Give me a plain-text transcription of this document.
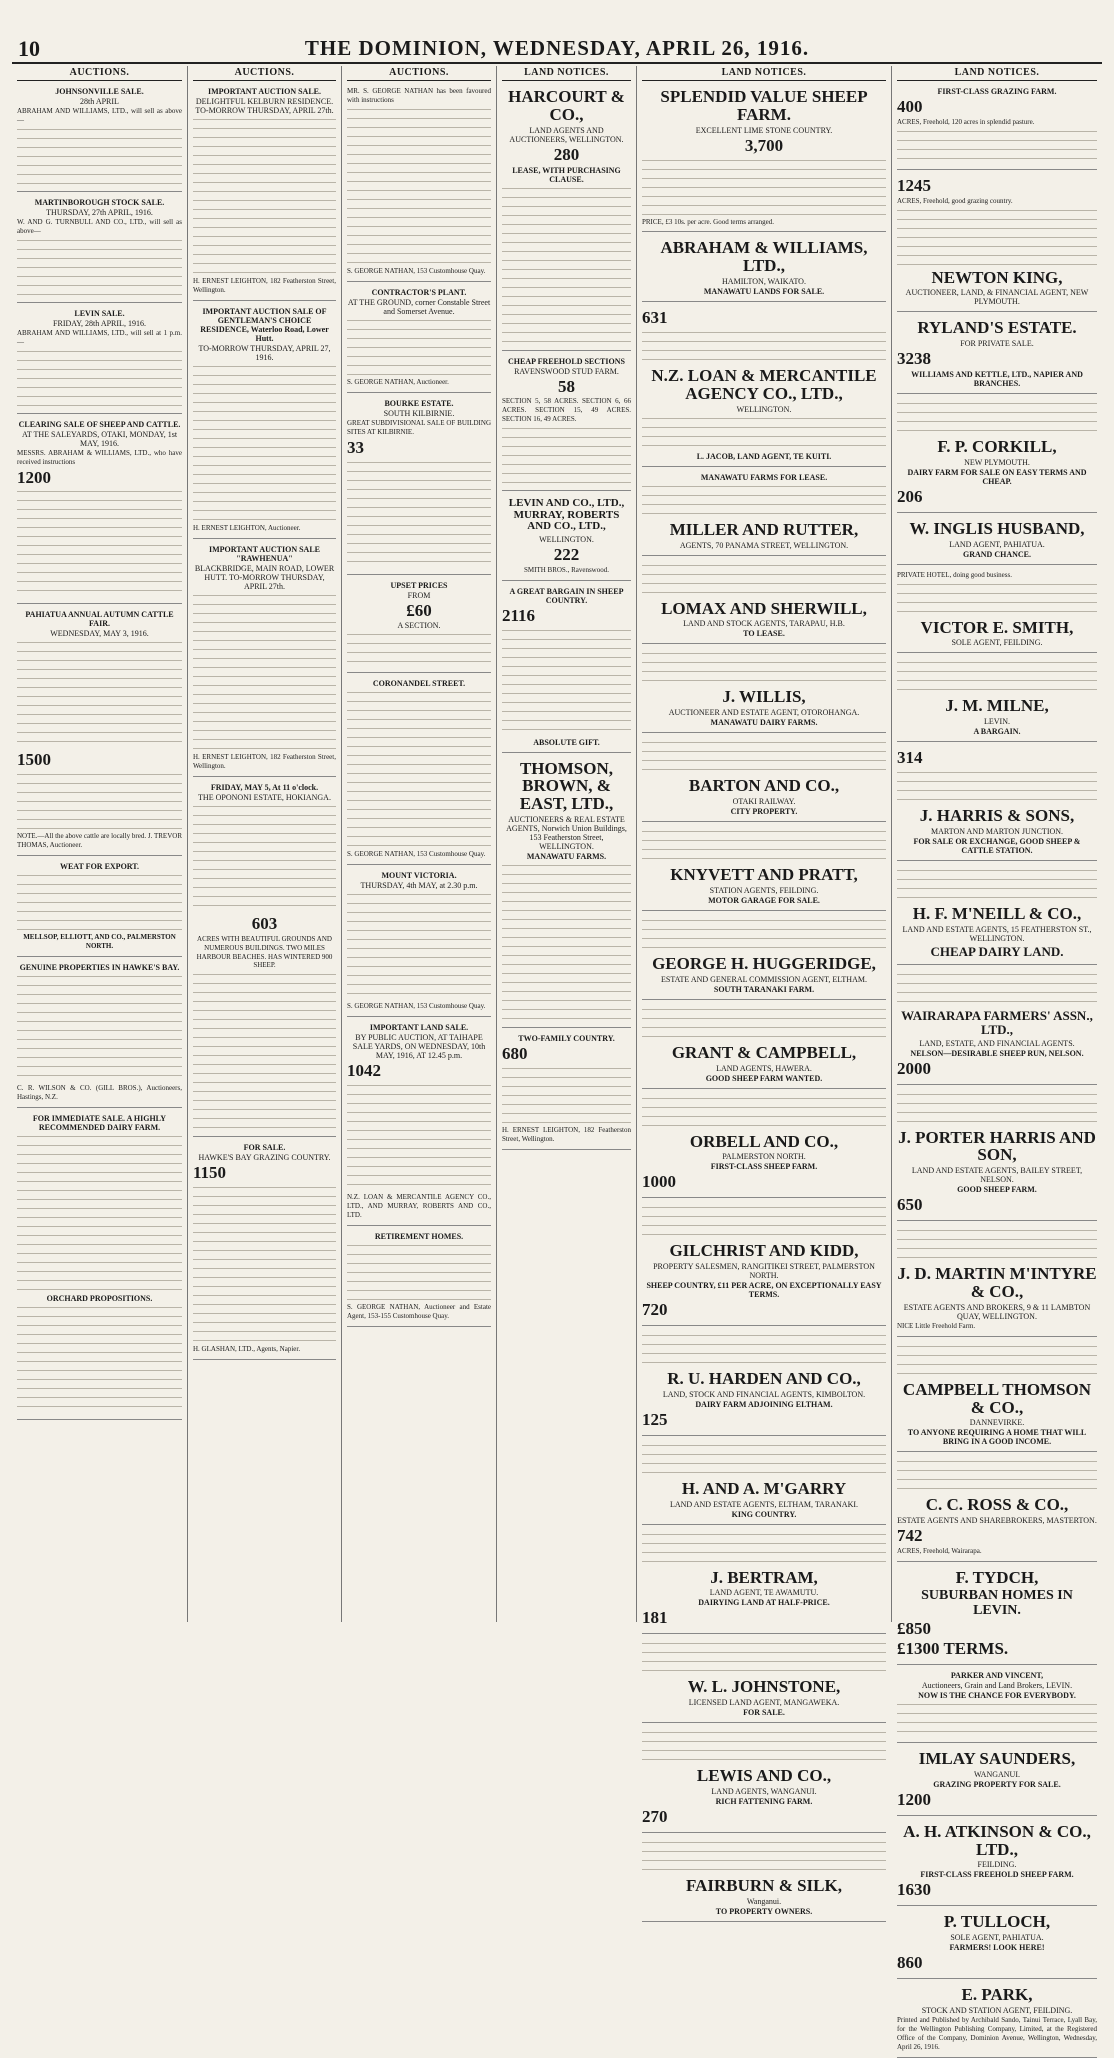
10	THE DOMINION, WEDNESDAY, APRIL 26, 1916.
AUCTIONS.
JOHNSONVILLE SALE.
28th APRIL
ABRAHAM AND WILLIAMS, LTD., will sell as above—
MARTINBOROUGH STOCK SALE.
THURSDAY, 27th APRIL, 1916.
W. AND G. TURNBULL AND CO., LTD., will sell as above—
LEVIN SALE.
FRIDAY, 28th APRIL, 1916.
ABRAHAM AND WILLIAMS, LTD., will sell at 1 p.m.—
CLEARING SALE OF SHEEP AND CATTLE.
AT THE SALEYARDS, OTAKI, MONDAY, 1st MAY, 1916.
MESSRS. ABRAHAM & WILLIAMS, LTD., who have received instructions
1200
PAHIATUA ANNUAL AUTUMN CATTLE FAIR.
WEDNESDAY, MAY 3, 1916.
1500
NOTE.—All the above cattle are locally bred. J. TREVOR THOMAS, Auctioneer.
WEAT FOR EXPORT.
MELLSOP, ELLIOTT, AND CO., PALMERSTON NORTH.
GENUINE PROPERTIES IN HAWKE'S BAY.
C. R. WILSON & CO. (GILL BROS.), Auctioneers, Hastings, N.Z.
FOR IMMEDIATE SALE. A HIGHLY RECOMMENDED DAIRY FARM.
ORCHARD PROPOSITIONS.
AUCTIONS.
IMPORTANT AUCTION SALE.
DELIGHTFUL KELBURN RESIDENCE. TO-MORROW THURSDAY, APRIL 27th.
H. ERNEST LEIGHTON, 182 Featherston Street, Wellington.
IMPORTANT AUCTION SALE OF GENTLEMAN'S CHOICE RESIDENCE, Waterloo Road, Lower Hutt.
TO-MORROW THURSDAY, APRIL 27, 1916.
H. ERNEST LEIGHTON, Auctioneer.
IMPORTANT AUCTION SALE "RAWHENUA"
BLACKBRIDGE, MAIN ROAD, LOWER HUTT. TO-MORROW THURSDAY, APRIL 27th.
H. ERNEST LEIGHTON, 182 Featherston Street, Wellington.
FRIDAY, MAY 5, At 11 o'clock.
THE OPONONI ESTATE, HOKIANGA.
603
ACRES WITH BEAUTIFUL GROUNDS AND NUMEROUS BUILDINGS. TWO MILES HARBOUR BEACHES. HAS WINTERED 900 SHEEP.
FOR SALE.
HAWKE'S BAY GRAZING COUNTRY.
1150
H. GLASHAN, LTD., Agents, Napier.
AUCTIONS.
MR. S. GEORGE NATHAN has been favoured with instructions
S. GEORGE NATHAN, 153 Customhouse Quay.
CONTRACTOR'S PLANT.
AT THE GROUND, corner Constable Street and Somerset Avenue.
S. GEORGE NATHAN, Auctioneer.
BOURKE ESTATE.
SOUTH KILBIRNIE.
GREAT SUBDIVISIONAL SALE OF BUILDING SITES AT KILBIRNIE.
33
UPSET PRICES
FROM
£60
A SECTION.
CORONANDEL STREET.
S. GEORGE NATHAN, 153 Customhouse Quay.
MOUNT VICTORIA.
THURSDAY, 4th MAY, at 2.30 p.m.
S. GEORGE NATHAN, 153 Customhouse Quay.
IMPORTANT LAND SALE.
BY PUBLIC AUCTION, AT TAIHAPE SALE YARDS, ON WEDNESDAY, 10th MAY, 1916, AT 12.45 p.m.
1042
N.Z. LOAN & MERCANTILE AGENCY CO., LTD., AND MURRAY, ROBERTS AND CO., LTD.
RETIREMENT HOMES.
S. GEORGE NATHAN, Auctioneer and Estate Agent, 153-155 Customhouse Quay.
LAND NOTICES.
HARCOURT & CO.,
LAND AGENTS AND AUCTIONEERS, WELLINGTON.
280
LEASE, WITH PURCHASING CLAUSE.
CHEAP FREEHOLD SECTIONS
RAVENSWOOD STUD FARM.
58
SECTION 5, 58 ACRES. SECTION 6, 66 ACRES. SECTION 15, 49 ACRES. SECTION 16, 49 ACRES.
LEVIN AND CO., LTD., MURRAY, ROBERTS AND CO., LTD.,
WELLINGTON.
222
SMITH BROS., Ravenswood.
A GREAT BARGAIN IN SHEEP COUNTRY.
2116
ABSOLUTE GIFT.
THOMSON, BROWN, & EAST, LTD.,
AUCTIONEERS & REAL ESTATE AGENTS, Norwich Union Buildings, 153 Featherston Street, WELLINGTON.
MANAWATU FARMS.
TWO-FAMILY COUNTRY.
680
H. ERNEST LEIGHTON, 182 Featherston Street, Wellington.
LAND NOTICES.
SPLENDID VALUE SHEEP FARM.
EXCELLENT LIME STONE COUNTRY.
3,700
PRICE, £3 10s. per acre. Good terms arranged.
ABRAHAM & WILLIAMS, LTD.,
HAMILTON, WAIKATO.
MANAWATU LANDS FOR SALE.
631
N.Z. LOAN & MERCANTILE AGENCY CO., LTD.,
WELLINGTON.
L. JACOB, LAND AGENT, TE KUITI.
MANAWATU FARMS FOR LEASE.
MILLER AND RUTTER,
AGENTS, 70 PANAMA STREET, WELLINGTON.
LOMAX AND SHERWILL,
LAND AND STOCK AGENTS, TARAPAU, H.B.
TO LEASE.
J. WILLIS,
AUCTIONEER AND ESTATE AGENT, OTOROHANGA.
MANAWATU DAIRY FARMS.
BARTON AND CO.,
OTAKI RAILWAY.
CITY PROPERTY.
KNYVETT AND PRATT,
STATION AGENTS, FEILDING.
MOTOR GARAGE FOR SALE.
GEORGE H. HUGGERIDGE,
ESTATE AND GENERAL COMMISSION AGENT, ELTHAM.
SOUTH TARANAKI FARM.
GRANT & CAMPBELL,
LAND AGENTS, HAWERA.
GOOD SHEEP FARM WANTED.
ORBELL AND CO.,
PALMERSTON NORTH.
FIRST-CLASS SHEEP FARM.
1000
GILCHRIST AND KIDD,
PROPERTY SALESMEN, RANGITIKEI STREET, PALMERSTON NORTH.
SHEEP COUNTRY, £11 PER ACRE, ON EXCEPTIONALLY EASY TERMS.
720
R. U. HARDEN AND CO.,
LAND, STOCK AND FINANCIAL AGENTS, KIMBOLTON.
DAIRY FARM ADJOINING ELTHAM.
125
H. AND A. M'GARRY
LAND AND ESTATE AGENTS, ELTHAM, TARANAKI.
KING COUNTRY.
J. BERTRAM,
LAND AGENT, TE AWAMUTU.
DAIRYING LAND AT HALF-PRICE.
181
W. L. JOHNSTONE,
LICENSED LAND AGENT, MANGAWEKA.
FOR SALE.
LEWIS AND CO.,
LAND AGENTS, WANGANUI.
RICH FATTENING FARM.
270
FAIRBURN & SILK,
Wanganui.
TO PROPERTY OWNERS.
LAND NOTICES.
FIRST-CLASS GRAZING FARM.
400
ACRES, Freehold, 120 acres in splendid pasture.
1245
ACRES, Freehold, good grazing country.
NEWTON KING,
AUCTIONEER, LAND, & FINANCIAL AGENT, NEW PLYMOUTH.
RYLAND'S ESTATE.
FOR PRIVATE SALE.
3238
WILLIAMS AND KETTLE, LTD., NAPIER AND BRANCHES.
F. P. CORKILL,
NEW PLYMOUTH.
DAIRY FARM FOR SALE ON EASY TERMS AND CHEAP.
206
W. INGLIS HUSBAND,
LAND AGENT, PAHIATUA.
GRAND CHANCE.
PRIVATE HOTEL, doing good business.
VICTOR E. SMITH,
SOLE AGENT, FEILDING.
J. M. MILNE,
LEVIN.
A BARGAIN.
314
J. HARRIS & SONS,
MARTON AND MARTON JUNCTION.
FOR SALE OR EXCHANGE, GOOD SHEEP & CATTLE STATION.
H. F. M'NEILL & CO.,
LAND AND ESTATE AGENTS, 15 FEATHERSTON ST., WELLINGTON.
CHEAP DAIRY LAND.
WAIRARAPA FARMERS' ASSN., LTD.,
LAND, ESTATE, AND FINANCIAL AGENTS.
NELSON—DESIRABLE SHEEP RUN, NELSON.
2000
J. PORTER HARRIS AND SON,
LAND AND ESTATE AGENTS, BAILEY STREET, NELSON.
GOOD SHEEP FARM.
650
J. D. MARTIN M'INTYRE & CO.,
ESTATE AGENTS AND BROKERS, 9 & 11 LAMBTON QUAY, WELLINGTON.
NICE Little Freehold Farm.
CAMPBELL THOMSON & CO.,
DANNEVIRKE.
TO ANYONE REQUIRING A HOME THAT WILL BRING IN A GOOD INCOME.
C. C. ROSS & CO.,
ESTATE AGENTS AND SHAREBROKERS, MASTERTON.
742
ACRES, Freehold, Wairarapa.
F. TYDCH,
SUBURBAN HOMES IN LEVIN.
£850
£1300 TERMS.
PARKER AND VINCENT,
Auctioneers, Grain and Land Brokers, LEVIN.
NOW IS THE CHANCE FOR EVERYBODY.
IMLAY SAUNDERS,
WANGANUI.
GRAZING PROPERTY FOR SALE.
1200
A. H. ATKINSON & CO., LTD.,
FEILDING.
FIRST-CLASS FREEHOLD SHEEP FARM.
1630
P. TULLOCH,
SOLE AGENT, PAHIATUA.
FARMERS! LOOK HERE!
860
E. PARK,
STOCK AND STATION AGENT, FEILDING.
Printed and Published by Archibald Sando, Tainui Terrace, Lyall Bay, for the Wellington Publishing Company, Limited, at the Registered Office of the Company, Dominion Avenue, Wellington, Wednesday, April 26, 1916.
